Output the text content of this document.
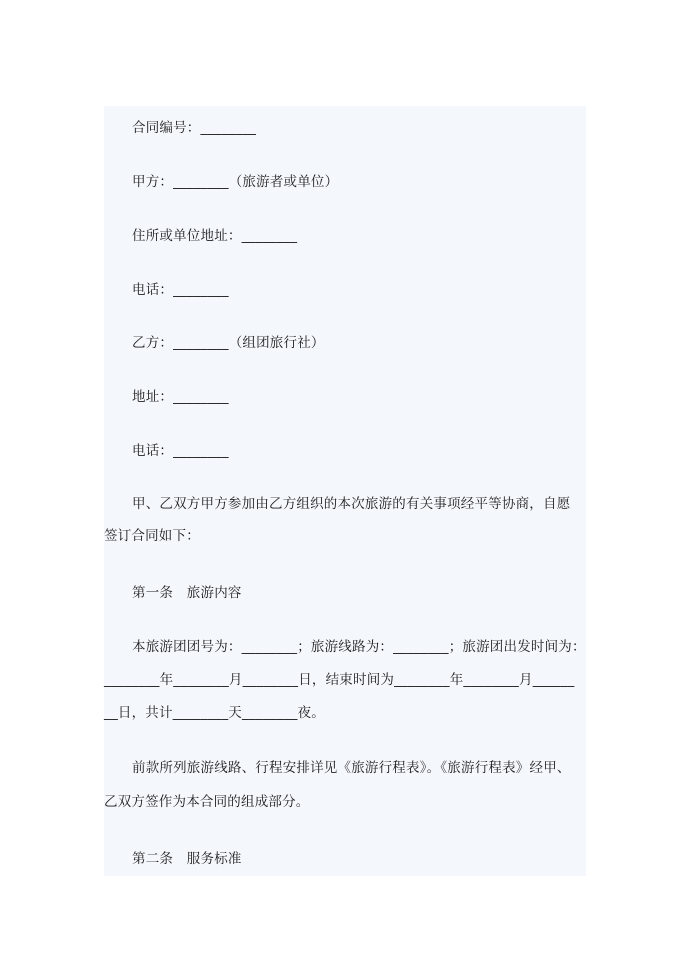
合同编号：________
甲方：________（旅游者或单位）
住所或单位地址：________
电话：________
乙方：________（组团旅行社）
地址：________
电话：________
甲、乙双方甲方参加由乙方组织的本次旅游的有关事项经平等协商，自愿
签订合同如下：
第一条　旅游内容
本旅游团团号为：________；旅游线路为：________；旅游团出发时间为：
________年________月________日，结束时间为________年________月______
__日，共计________天________夜。
前款所列旅游线路、行程安排详见《旅游行程表》。《旅游行程表》经甲、
乙双方签作为本合同的组成部分。
第二条　服务标准
